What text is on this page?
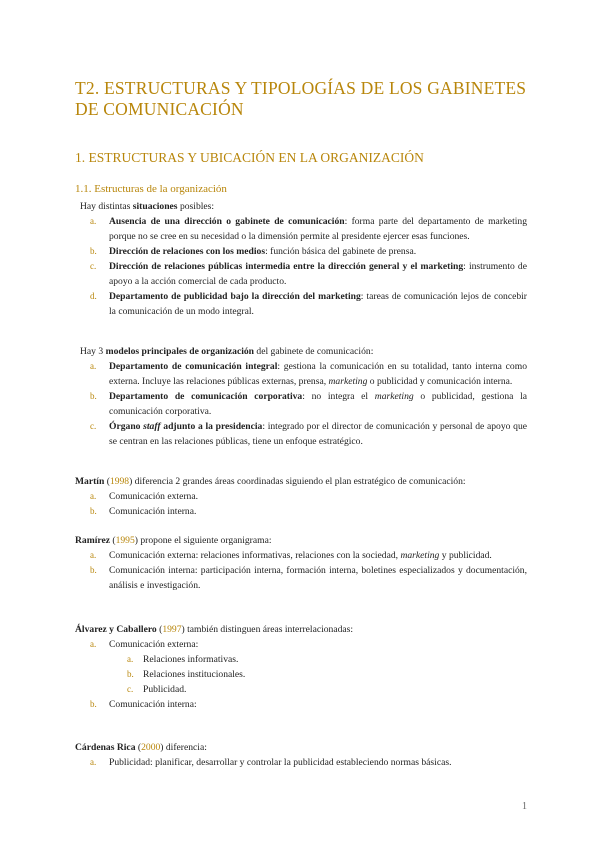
T2. ESTRUCTURAS Y TIPOLOGÍAS DE LOS GABINETES DE COMUNICACIÓN
1. ESTRUCTURAS Y UBICACIÓN EN LA ORGANIZACIÓN
1.1. Estructuras de la organización

Hay distintas situaciones posibles:

a. Ausencia de una dirección o gabinete de comunicación: forma parte del departamento de marketing porque no se cree en su necesidad o la dimensión permite al presidente ejercer esas funciones.
b. Dirección de relaciones con los medios: función básica del gabinete de prensa.
c. Dirección de relaciones públicas intermedia entre la dirección general y el marketing: instrumento de apoyo a la acción comercial de cada producto.
d. Departamento de publicidad bajo la dirección del marketing: tareas de comunicación lejos de concebir la comunicación de un modo integral.

Hay 3 modelos principales de organización del gabinete de comunicación:

a. Departamento de comunicación integral: gestiona la comunicación en su totalidad, tanto interna como externa. Incluye las relaciones públicas externas, prensa, marketing o publicidad y comunicación interna.
b. Departamento de comunicación corporativa: no integra el marketing o publicidad, gestiona la comunicación corporativa.
c. Órgano staff adjunto a la presidencia: integrado por el director de comunicación y personal de apoyo que se centran en las relaciones públicas, tiene un enfoque estratégico.

Martín (1998) diferencia 2 grandes áreas coordinadas siguiendo el plan estratégico de comunicación:

a. Comunicación externa.
b. Comunicación interna.

Ramírez (1995) propone el siguiente organigrama:

a. Comunicación externa: relaciones informativas, relaciones con la sociedad, marketing y publicidad.
b. Comunicación interna: participación interna, formación interna, boletines especializados y documentación, análisis e investigación.

Álvarez y Caballero (1997) también distinguen áreas interrelacionadas:

a. Comunicación externa:
a. Relaciones informativas.
b. Relaciones institucionales.
c. Publicidad.
b. Comunicación interna:

Cárdenas Rica (2000) diferencia:

a. Publicidad: planificar, desarrollar y controlar la publicidad estableciendo normas básicas.
1
